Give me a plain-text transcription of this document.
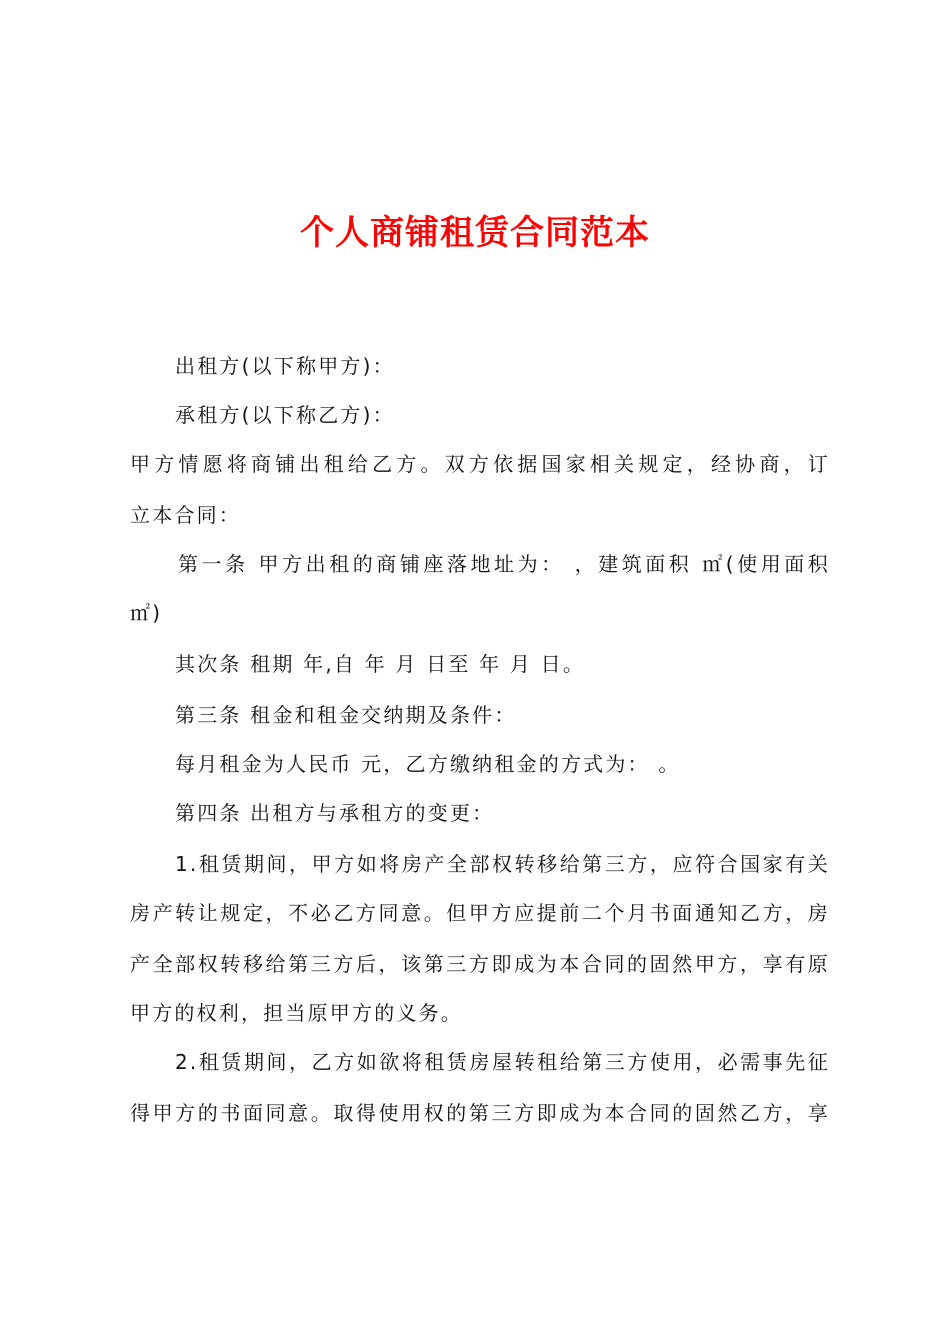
个人商铺租赁合同范本
出租方(以下称甲方)：
承租方(以下称乙方)：
甲方情愿将商铺出租给乙方。双方依据国家相关规定，经协商，订
立本合同：
第一条 甲方出租的商铺座落地址为： ，建筑面积 ㎡(使用面积
㎡)
其次条 租期 年,自 年 月 日至 年 月 日。
第三条 租金和租金交纳期及条件：
每月租金为人民币 元，乙方缴纳租金的方式为： 。
第四条 出租方与承租方的变更：
1.租赁期间，甲方如将房产全部权转移给第三方，应符合国家有关
房产转让规定，不必乙方同意。但甲方应提前二个月书面通知乙方，房
产全部权转移给第三方后，该第三方即成为本合同的固然甲方，享有原
甲方的权利，担当原甲方的义务。
2.租赁期间，乙方如欲将租赁房屋转租给第三方使用，必需事先征
得甲方的书面同意。取得使用权的第三方即成为本合同的固然乙方，享
